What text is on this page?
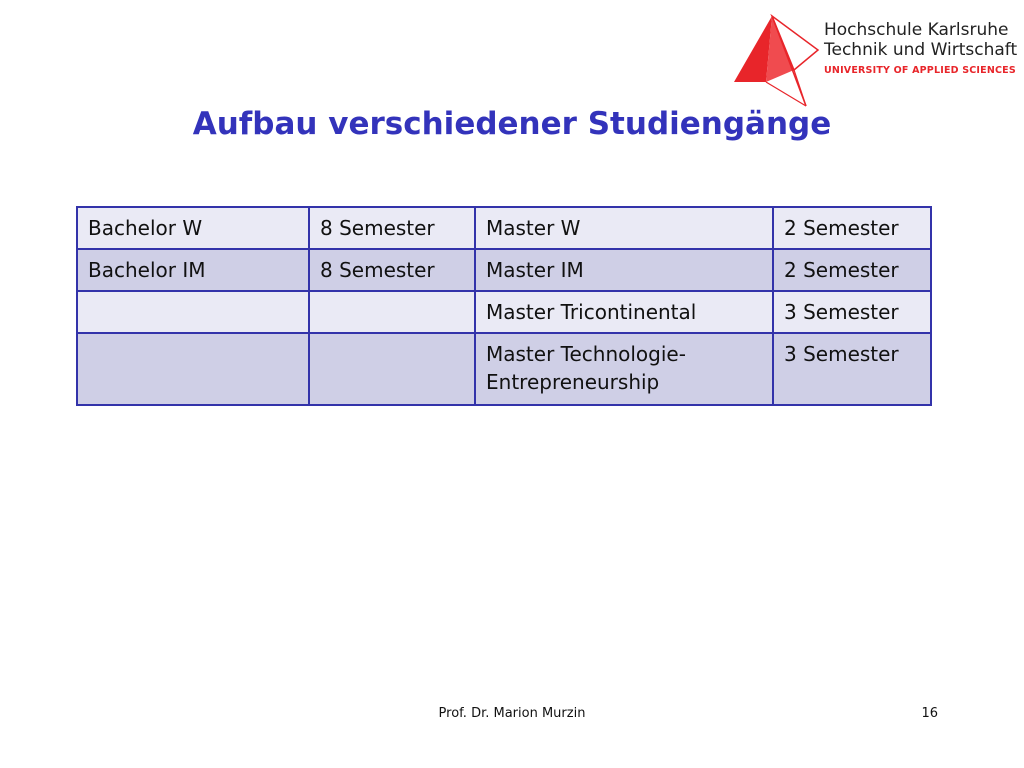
Hochschule Karlsruhe
Technik und Wirtschaft
UNIVERSITY OF APPLIED SCIENCES
Aufbau verschiedener Studiengänge
Bachelor W	8 Semester	Master W	2 Semester
Bachelor IM	8 Semester	Master IM	2 Semester
		Master Tricontinental	3 Semester
		Master Technologie-Entrepreneurship	3 Semester
Prof. Dr. Marion Murzin	16
